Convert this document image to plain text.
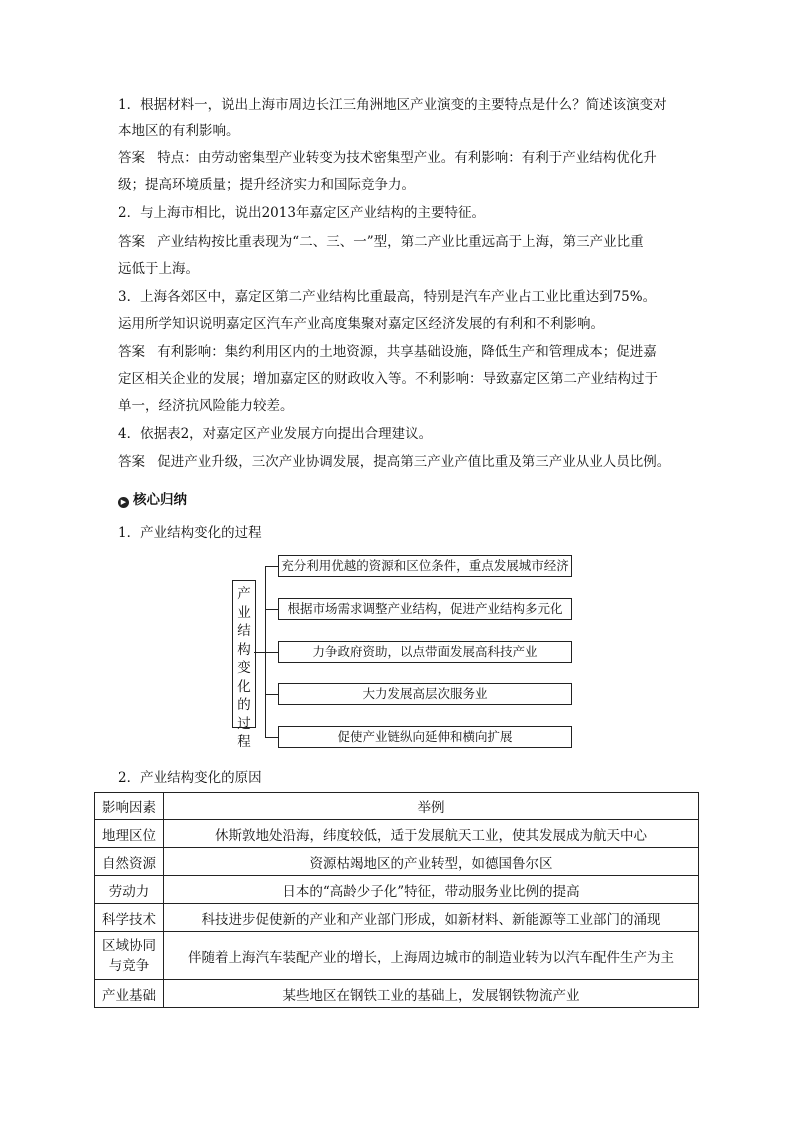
1．根据材料一，说出上海市周边长江三角洲地区产业演变的主要特点是什么？简述该演变对
本地区的有利影响。
答案 特点：由劳动密集型产业转变为技术密集型产业。有利影响：有利于产业结构优化升
级；提高环境质量；提升经济实力和国际竞争力。
2．与上海市相比，说出2013年嘉定区产业结构的主要特征。
答案 产业结构按比重表现为“二、三、一”型，第二产业比重远高于上海，第三产业比重
远低于上海。
3．上海各郊区中，嘉定区第二产业结构比重最高，特别是汽车产业占工业比重达到75%。
运用所学知识说明嘉定区汽车产业高度集聚对嘉定区经济发展的有利和不利影响。
答案 有利影响：集约利用区内的土地资源，共享基础设施，降低生产和管理成本；促进嘉
定区相关企业的发展；增加嘉定区的财政收入等。不利影响：导致嘉定区第二产业结构过于
单一，经济抗风险能力较差。
4．依据表2，对嘉定区产业发展方向提出合理建议。
答案 促进产业升级，三次产业协调发展，提高第三产业产值比重及第三产业从业人员比例。
▶ 核心归纳
1．产业结构变化的过程
产
业
结
构
变
化
的
过
程
充分利用优越的资源和区位条件，重点发展城市经济
根据市场需求调整产业结构，促进产业结构多元化
力争政府资助，以点带面发展高科技产业
大力发展高层次服务业
促使产业链纵向延伸和横向扩展
2．产业结构变化的原因
影响因素	举例
地理区位	休斯敦地处沿海，纬度较低，适于发展航天工业，使其发展成为航天中心
自然资源	资源枯竭地区的产业转型，如德国鲁尔区
劳动力	日本的“高龄少子化”特征，带动服务业比例的提高
科学技术	科技进步促使新的产业和产业部门形成，如新材料、新能源等工业部门的涌现

区域协同
与竞争	伴随着上海汽车装配产业的增长，上海周边城市的制造业转为以汽车配件生产为主
产业基础	某些地区在钢铁工业的基础上，发展钢铁物流产业
